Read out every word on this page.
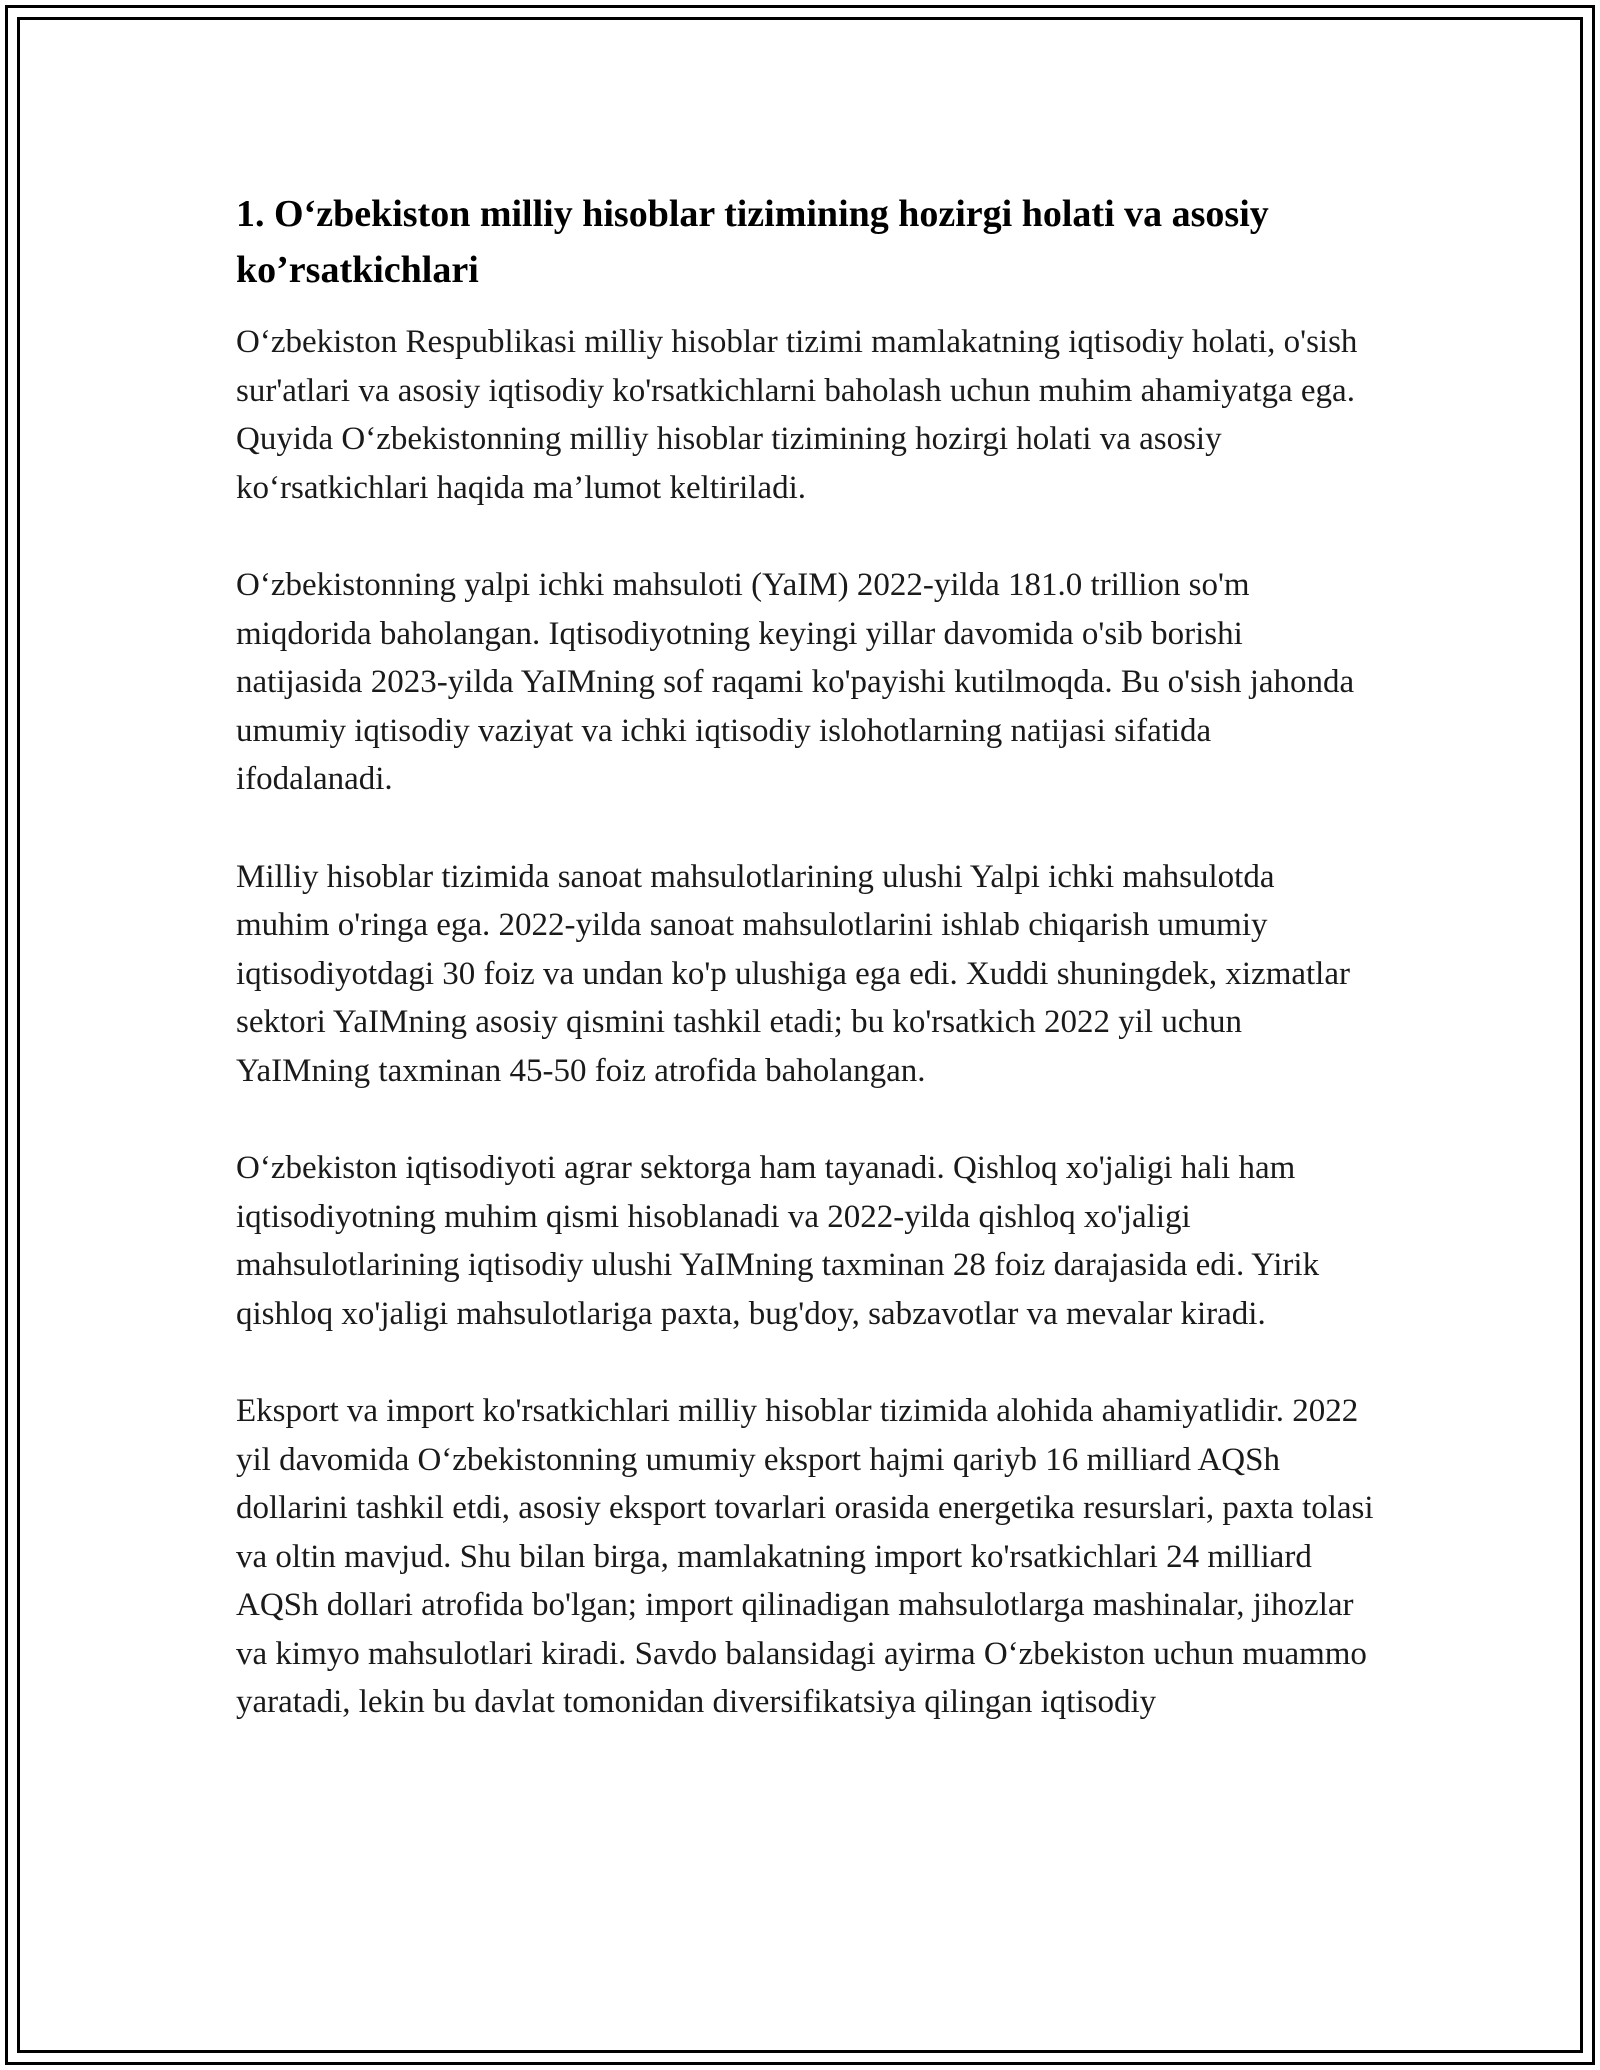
1. O‘zbekiston milliy hisoblar tizimining hozirgi holati va asosiy ko’rsatkichlari

O‘zbekiston Respublikasi milliy hisoblar tizimi mamlakatning iqtisodiy holati, o'sish sur'atlari va asosiy iqtisodiy ko'rsatkichlarni baholash uchun muhim ahamiyatga ega. Quyida O‘zbekistonning milliy hisoblar tizimining hozirgi holati va asosiy ko‘rsatkichlari haqida ma’lumot keltiriladi.

O‘zbekistonning yalpi ichki mahsuloti (YaIM) 2022-yilda 181.0 trillion so'm miqdorida baholangan. Iqtisodiyotning keyingi yillar davomida o'sib borishi natijasida 2023-yilda YaIMning sof raqami ko'payishi kutilmoqda. Bu o'sish jahonda umumiy iqtisodiy vaziyat va ichki iqtisodiy islohotlarning natijasi sifatida ifodalanadi.

Milliy hisoblar tizimida sanoat mahsulotlarining ulushi Yalpi ichki mahsulotda muhim o'ringa ega. 2022-yilda sanoat mahsulotlarini ishlab chiqarish umumiy iqtisodiyotdagi 30 foiz va undan ko'p ulushiga ega edi. Xuddi shuningdek, xizmatlar sektori YaIMning asosiy qismini tashkil etadi; bu ko'rsatkich 2022 yil uchun YaIMning taxminan 45-50 foiz atrofida baholangan.

O‘zbekiston iqtisodiyoti agrar sektorga ham tayanadi. Qishloq xo'jaligi hali ham iqtisodiyotning muhim qismi hisoblanadi va 2022-yilda qishloq xo'jaligi mahsulotlarining iqtisodiy ulushi YaIMning taxminan 28 foiz darajasida edi. Yirik qishloq xo'jaligi mahsulotlariga paxta, bug'doy, sabzavotlar va mevalar kiradi.

Eksport va import ko'rsatkichlari milliy hisoblar tizimida alohida ahamiyatlidir. 2022 yil davomida O‘zbekistonning umumiy eksport hajmi qariyb 16 milliard AQSh dollarini tashkil etdi, asosiy eksport tovarlari orasida energetika resurslari, paxta tolasi va oltin mavjud. Shu bilan birga, mamlakatning import ko'rsatkichlari 24 milliard AQSh dollari atrofida bo'lgan; import qilinadigan mahsulotlarga mashinalar, jihozlar va kimyo mahsulotlari kiradi. Savdo balansidagi ayirma O‘zbekiston uchun muammo yaratadi, lekin bu davlat tomonidan diversifikatsiya qilingan iqtisodiy
